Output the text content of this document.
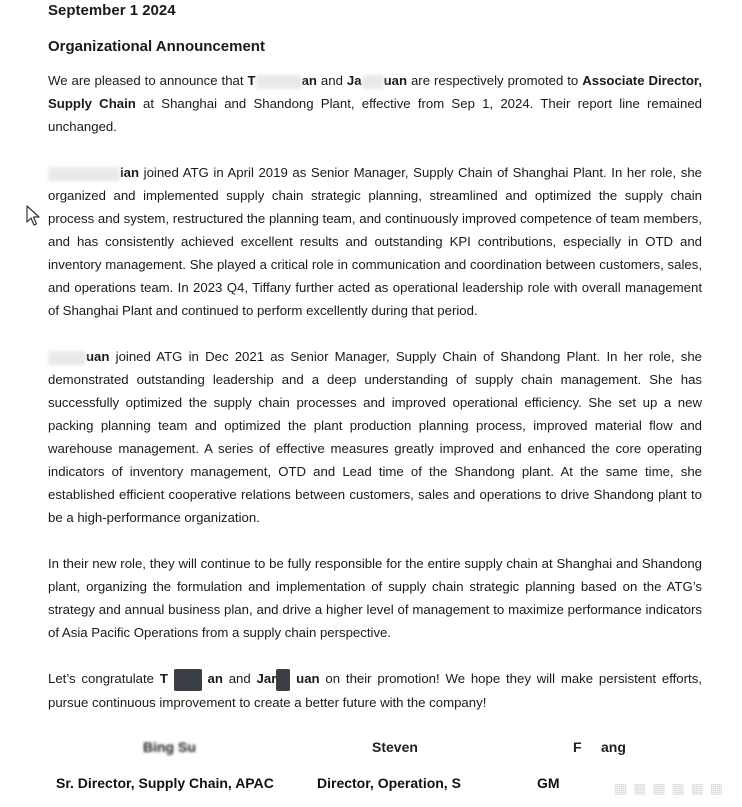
September 1 2024
Organizational Announcement

We are pleased to announce that T	an and Ja uan are respectively promoted to Associate Director, Supply Chain at Shanghai and Shandong Plant, effective from Sep 1, 2024. Their report line remained unchanged.

ian joined ATG in April 2019 as Senior Manager, Supply Chain of Shanghai Plant. In her role, she organized and implemented supply chain strategic planning, streamlined and optimized the supply chain process and system, restructured the planning team, and continuously improved competence of team members, and has consistently achieved excellent results and outstanding KPI contributions, especially in OTD and inventory management. She played a critical role in communication and coordination between customers, sales, and operations team. In 2023 Q4, Tiffany further acted as operational leadership role with overall management of Shanghai Plant and continued to perform excellently during that period.

uan joined ATG in Dec 2021 as Senior Manager, Supply Chain of Shandong Plant. In her role, she demonstrated outstanding leadership and a deep understanding of supply chain management. She has successfully optimized the supply chain processes and improved operational efficiency. She set up a new packing planning team and optimized the plant production planning process, improved material flow and warehouse management. A series of effective measures greatly improved and enhanced the core operating indicators of inventory management, OTD and Lead time of the Shandong plant. At the same time, she established efficient cooperative relations between customers, sales and operations to drive Shandong plant to be a high-performance organization.

In their new role, they will continue to be fully responsible for the entire supply chain at Shanghai and Shandong plant, organizing the formulation and implementation of supply chain strategic planning based on the ATG’s strategy and annual business plan, and drive a higher level of management to maximize performance indicators of Asia Pacific Operations from a supply chain perspective.

Let’s congratulate T	an and Jar uan on their promotion! We hope they will make persistent efforts, pursue continuous improvement to create a better future with the company!

Bing Su	Steven	F     ang
Sr. Director, Supply Chain, APAC	Director, Operation, S	GM	▦ ▦ ▦ ▦ ▦ ▦
